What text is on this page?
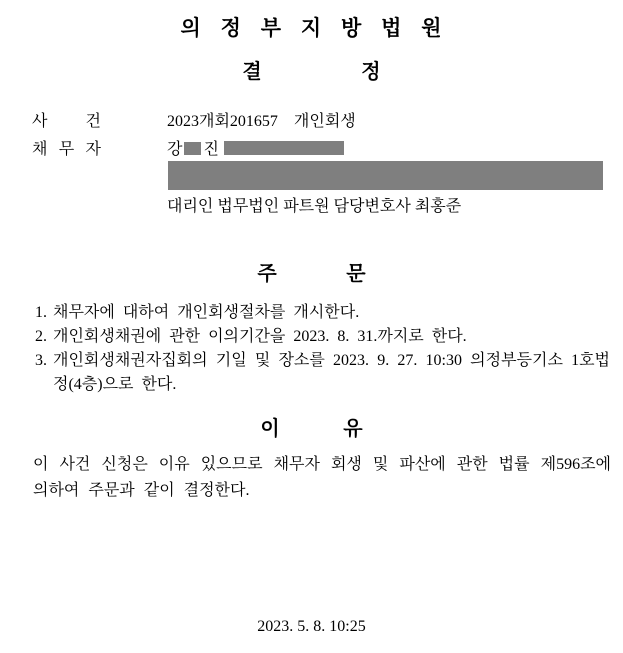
의 정 부 지 방 법 원
결 정
사 건	2023개회201657    개인회생
채 무 자	강 진
대리인 법무법인 파트원 담당변호사 최홍준
주 문
1. 채무자에 대하여 개인회생절차를 개시한다.
2. 개인회생채권에 관한 이의기간을 2023. 8. 31.까지로 한다.
3. 개인회생채권자집회의 기일 및 장소를 2023. 9. 27. 10:30 의정부등기소 1호법정(4층)으로 한다.
이 유
이 사건 신청은 이유 있으므로 채무자 회생 및 파산에 관한 법률 제596조에 의하여 주문과 같이 결정한다.
2023. 5. 8. 10:25
